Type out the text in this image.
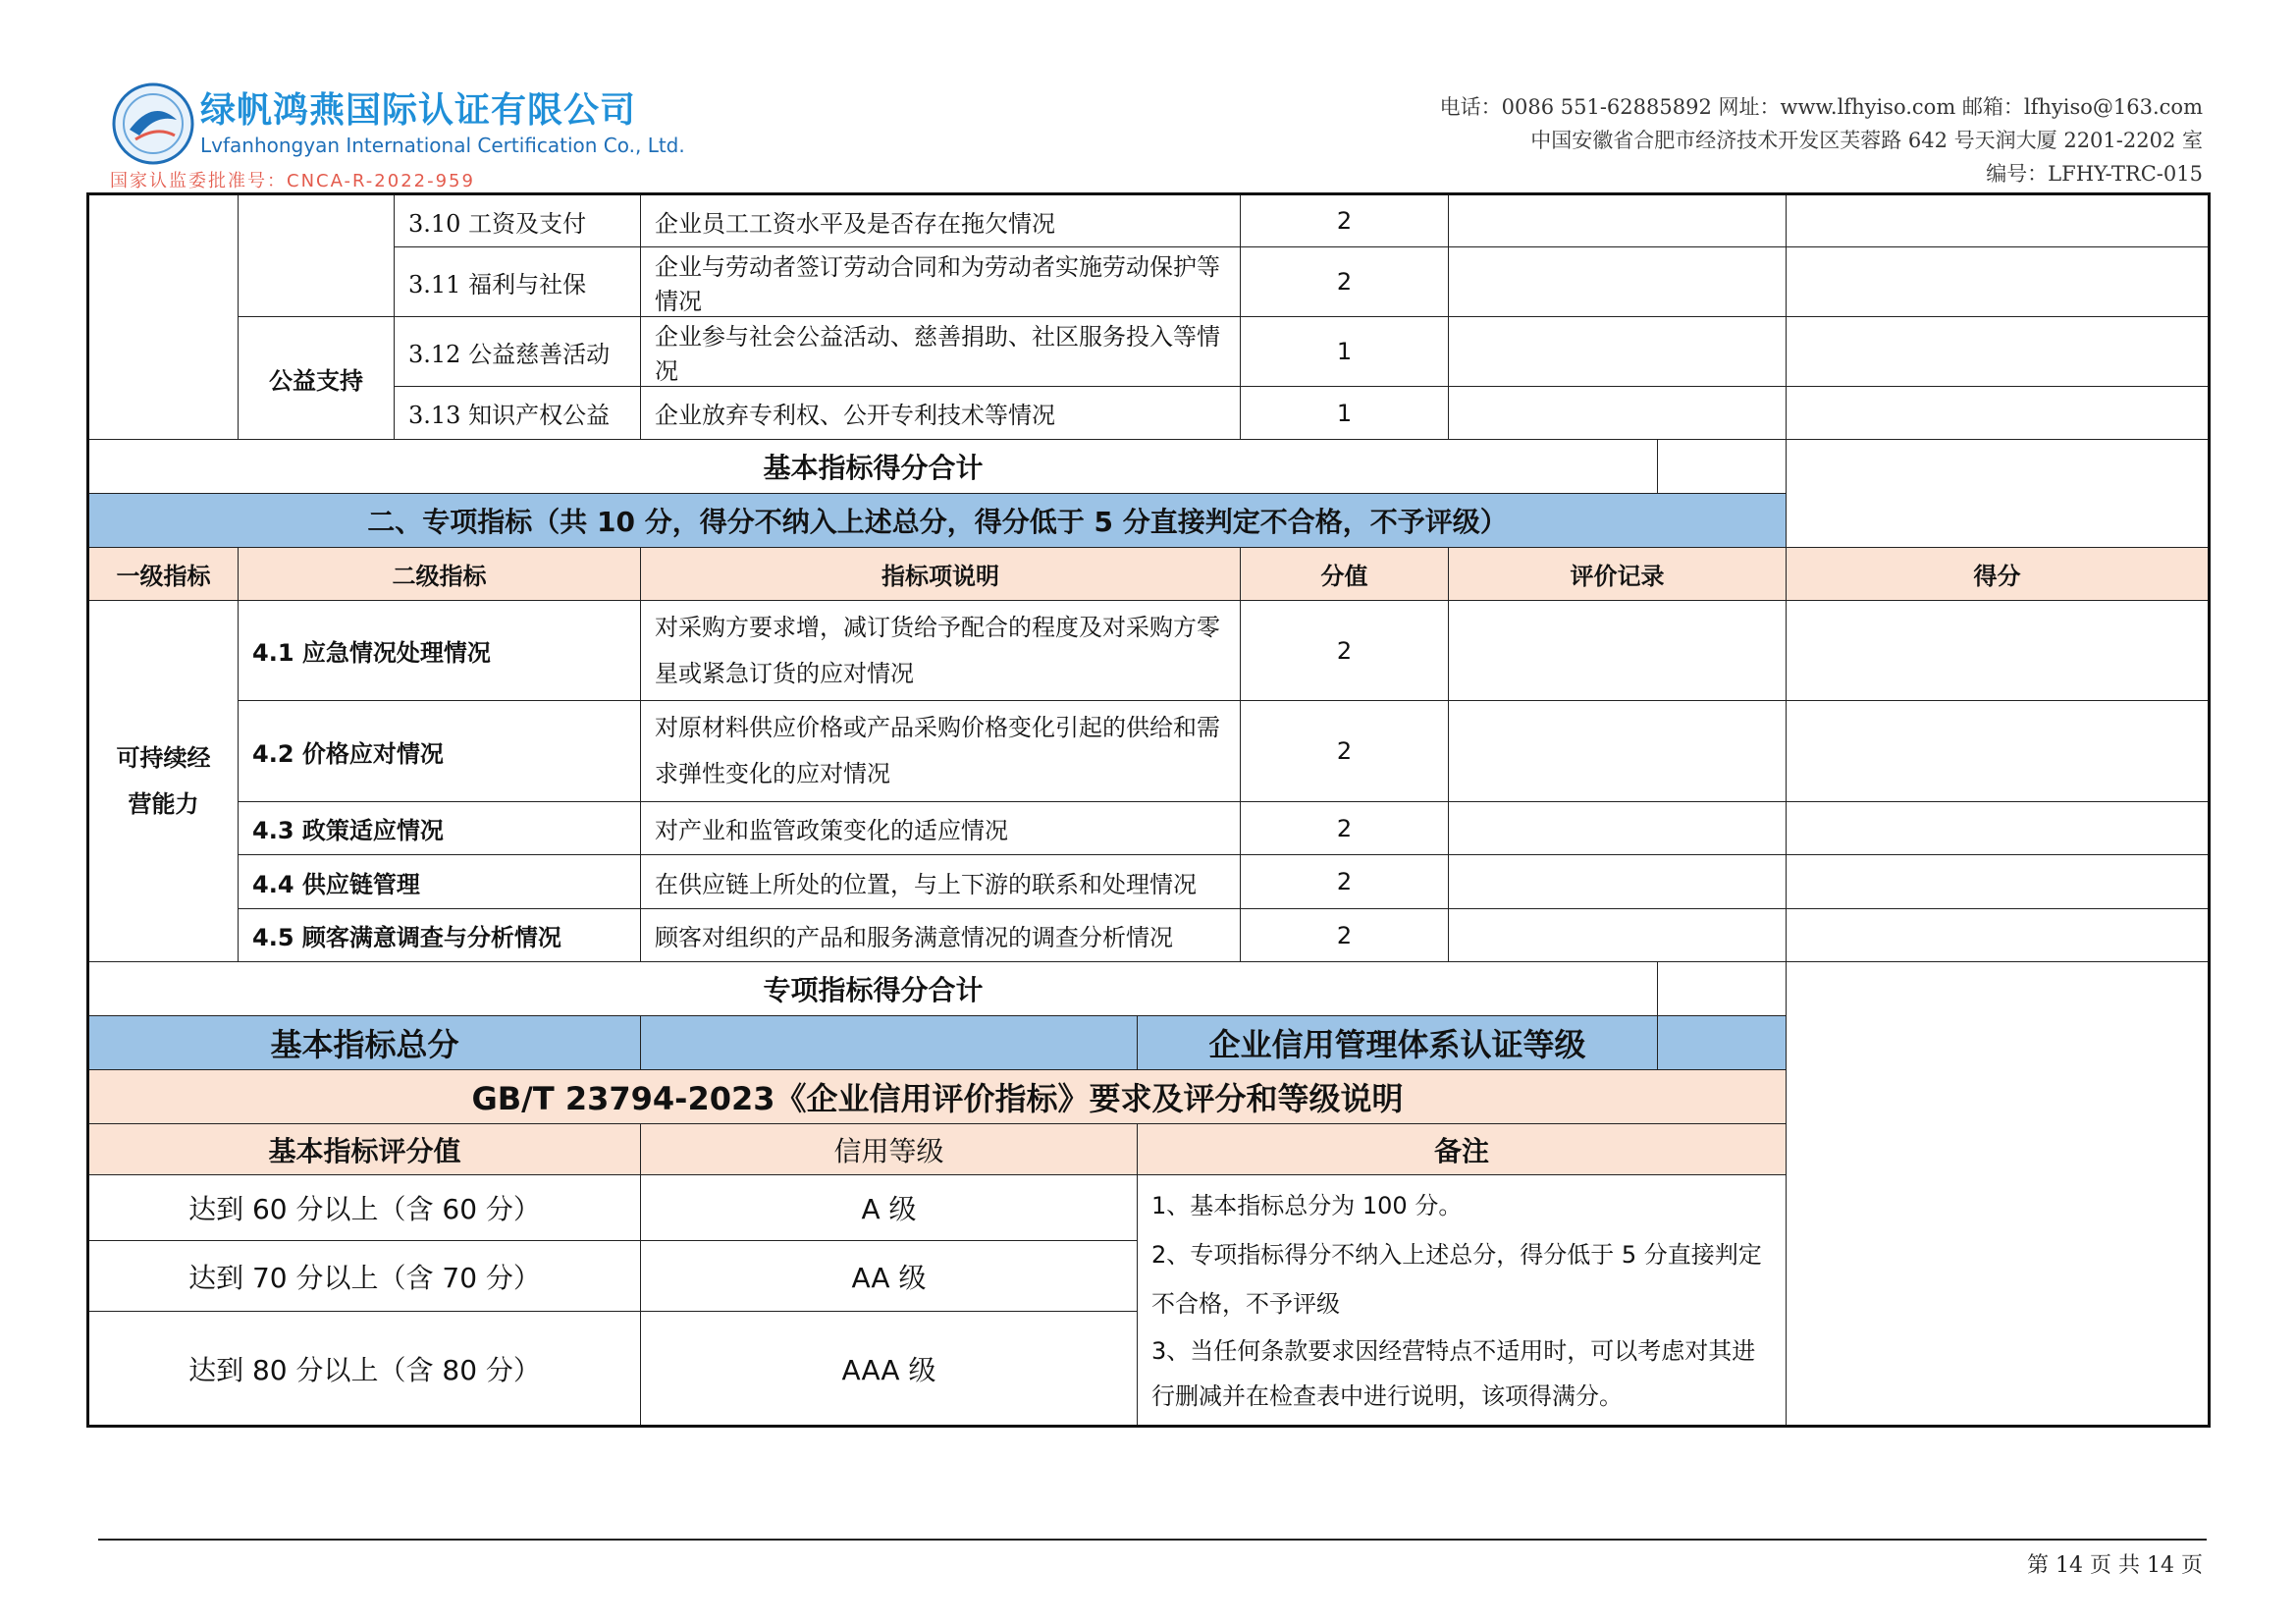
绿帆鸿燕国际认证有限公司
Lvfanhongyan International Certification Co., Ltd.
国家认监委批准号：CNCA-R-2022-959
电话：0086 551-62885892 网址：www.lfhyiso.com 邮箱：lfhyiso@163.com
中国安徽省合肥市经济技术开发区芙蓉路 642 号天润大厦 2201-2202 室
编号：LFHY-TRC-015
		3.10 工资及支付	企业员工工资水平及是否存在拖欠情况		2			
		3.11 福利与社保	企业与劳动者签订劳动合同和为劳动者实施劳动保护等情况		2			
	公益支持	3.12 公益慈善活动	企业参与社会公益活动、慈善捐助、社区服务投入等情况		1			
		3.13 知识产权公益	企业放弃专利权、公开专利技术等情况		1			
基本指标得分合计								
二、专项指标（共 10 分，得分不纳入上述总分，得分低于 5 分直接判定不合格，不予评级）								
一级指标	二级指标		指标项说明		分值	评价记录		得分
可持续经营能力	4.1 应急情况处理情况		对采购方要求增，减订货给予配合的程度及对采购方零星或紧急订货的应对情况		2			
	4.2 价格应对情况		对原材料供应价格或产品采购价格变化引起的供给和需求弹性变化的应对情况		2			
	4.3 政策适应情况		对产业和监管政策变化的适应情况		2			
	4.4 供应链管理		在供应链上所处的位置，与上下游的联系和处理情况		2			
	4.5 顾客满意调查与分析情况		顾客对组织的产品和服务满意情况的调查分析情况		2			
专项指标得分合计								
基本指标总分				企业信用管理体系认证等级				
GB/T 23794-2023《企业信用评价指标》要求及评分和等级说明								
基本指标评分值			信用等级	备注				
达到 60 分以上（含 60 分）			A 级	1、基本指标总分为 100 分。
2、专项指标得分不纳入上述总分，得分低于 5 分直接判定不合格，不予评级
3、当任何条款要求因经营特点不适用时，可以考虑对其进行删减并在检查表中进行说明，该项得满分。				

达到 70 分以上（含 70 分）			AA 级					
达到 80 分以上（含 80 分）			AAA 级					
第 14 页 共 14 页
